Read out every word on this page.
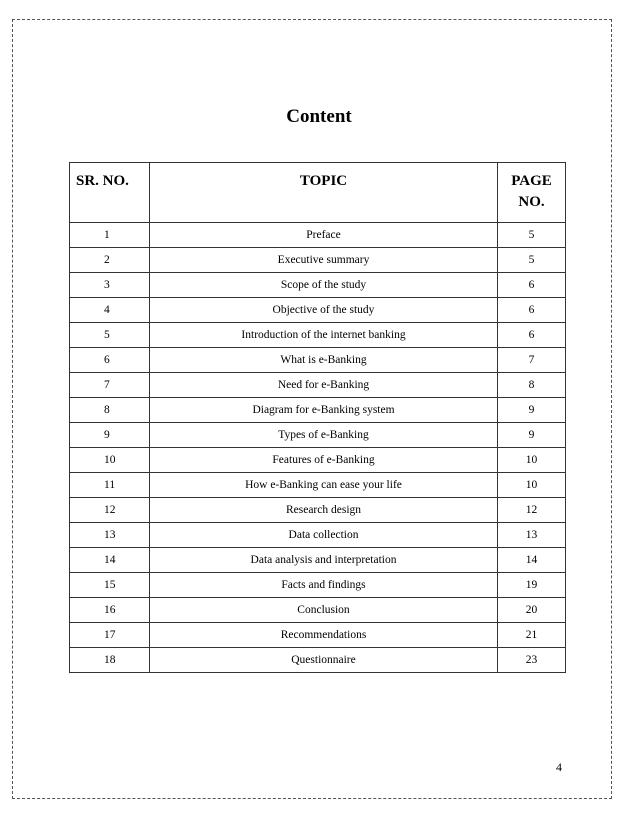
Content
SR. NO.	TOPIC	PAGE
NO.
1	Preface	5
2	Executive summary	5
3	Scope of the study	6
4	Objective of the study	6
5	Introduction of the internet banking	6
6	What is e-Banking	7
7	Need for e-Banking	8
8	Diagram for e-Banking system	9
9	Types of e-Banking	9
10	Features of e-Banking	10
11	How e-Banking can ease your life	10
12	Research design	12
13	Data collection	13
14	Data analysis and interpretation	14
15	Facts and findings	19
16	Conclusion	20
17	Recommendations	21
18	Questionnaire	23
4
